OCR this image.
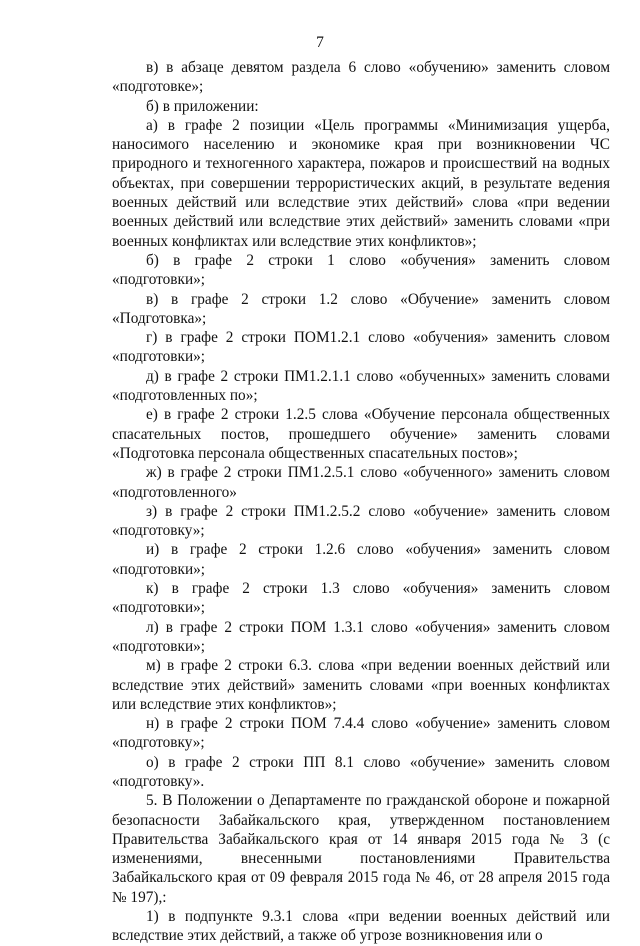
7

в) в абзаце девятом раздела 6 слово «обучению» заменить словом «подготовке»;

б) в приложении:

а) в графе 2 позиции «Цель программы «Минимизация ущерба, наносимого населению и экономике края при возникновении ЧС природного и техногенного характера, пожаров и происшествий на водных объектах, при совершении террористических акций, в результате ведения военных действий или вследствие этих действий» слова «при ведении военных действий или вследствие этих действий» заменить словами «при военных конфликтах или вследствие этих конфликтов»;

б) в графе 2 строки 1 слово «обучения» заменить словом «подготовки»;

в) в графе 2 строки 1.2 слово «Обучение» заменить словом «Подготовка»;

г) в графе 2 строки ПОМ1.2.1 слово «обучения» заменить словом «подготовки»;

д) в графе 2 строки ПМ1.2.1.1 слово «обученных» заменить словами «подготовленных по»;

е) в графе 2 строки 1.2.5 слова «Обучение персонала общественных спасательных постов, прошедшего обучение» заменить словами «Подготовка персонала общественных спасательных постов»;

ж) в графе 2 строки ПМ1.2.5.1 слово «обученного» заменить словом «подготовленного»

з) в графе 2 строки ПМ1.2.5.2 слово «обучение» заменить словом «подготовку»;

и) в графе 2 строки 1.2.6 слово «обучения» заменить словом «подготовки»;

к) в графе 2 строки 1.3 слово «обучения» заменить словом «подготовки»;

л) в графе 2 строки ПОМ 1.3.1 слово «обучения» заменить словом «подготовки»;

м) в графе 2 строки 6.3. слова «при ведении военных действий или вследствие этих действий» заменить словами «при военных конфликтах или вследствие этих конфликтов»;

н) в графе 2 строки ПОМ 7.4.4 слово «обучение» заменить словом «подготовку»;

о) в графе 2 строки ПП 8.1 слово «обучение» заменить словом «подготовку».

5. В Положении о Департаменте по гражданской обороне и пожарной безопасности Забайкальского края, утвержденном постановлением Правительства Забайкальского края от 14 января 2015 года № 3 (с изменениями, внесенными постановлениями Правительства Забайкальского края от 09 февраля 2015 года № 46, от 28 апреля 2015 года № 197),:

1) в подпункте 9.3.1 слова «при ведении военных действий или вследствие этих действий, а также об угрозе возникновения или о
